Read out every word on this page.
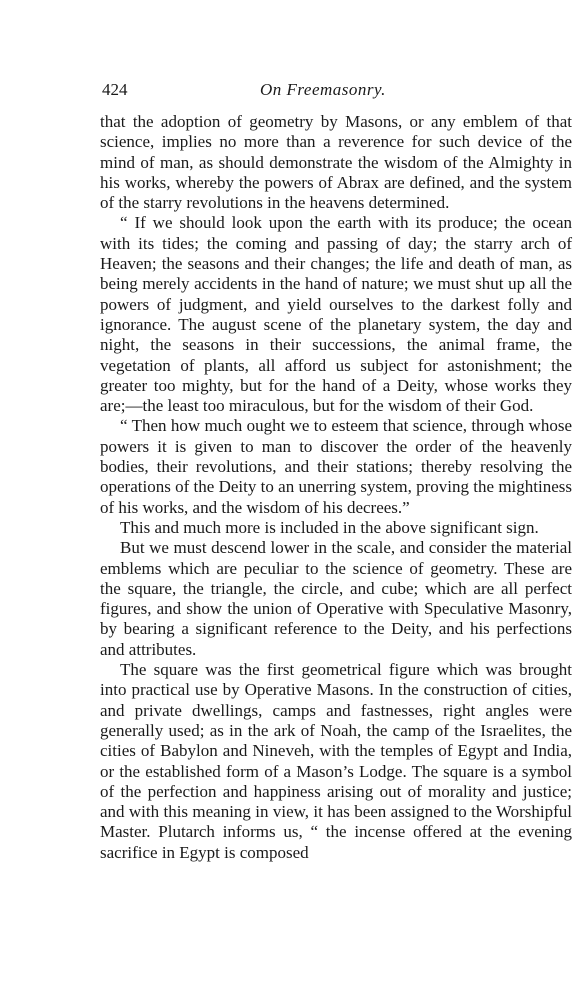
424	On Freemasonry.

that the adoption of geometry by Masons, or any emblem of that science, implies no more than a reverence for such device of the mind of man, as should demonstrate the wisdom of the Almighty in his works, whereby the powers of Abrax are defined, and the system of the starry revolutions in the heavens determined.

“ If we should look upon the earth with its produce; the ocean with its tides; the coming and passing of day; the starry arch of Heaven; the seasons and their changes; the life and death of man, as being merely accidents in the hand of nature; we must shut up all the powers of judgment, and yield ourselves to the darkest folly and ignorance. The august scene of the planetary system, the day and night, the seasons in their successions, the animal frame, the vegetation of plants, all afford us subject for astonishment; the greater too mighty, but for the hand of a Deity, whose works they are;—the least too miraculous, but for the wisdom of their God.

“ Then how much ought we to esteem that science, through whose powers it is given to man to discover the order of the heavenly bodies, their revolutions, and their stations; thereby resolving the operations of the Deity to an unerring system, proving the mightiness of his works, and the wisdom of his decrees.”

This and much more is included in the above significant sign.

But we must descend lower in the scale, and consider the material emblems which are peculiar to the science of geometry. These are the square, the triangle, the circle, and cube; which are all perfect figures, and show the union of Operative with Speculative Masonry, by bearing a significant reference to the Deity, and his perfections and attributes.

The square was the first geometrical figure which was brought into practical use by Operative Masons. In the construction of cities, and private dwellings, camps and fastnesses, right angles were generally used; as in the ark of Noah, the camp of the Israelites, the cities of Babylon and Nineveh, with the temples of Egypt and India, or the established form of a Mason’s Lodge. The square is a symbol of the perfection and happiness arising out of morality and justice; and with this meaning in view, it has been assigned to the Worshipful Master. Plutarch informs us, “ the incense offered at the evening sacrifice in Egypt is composed
